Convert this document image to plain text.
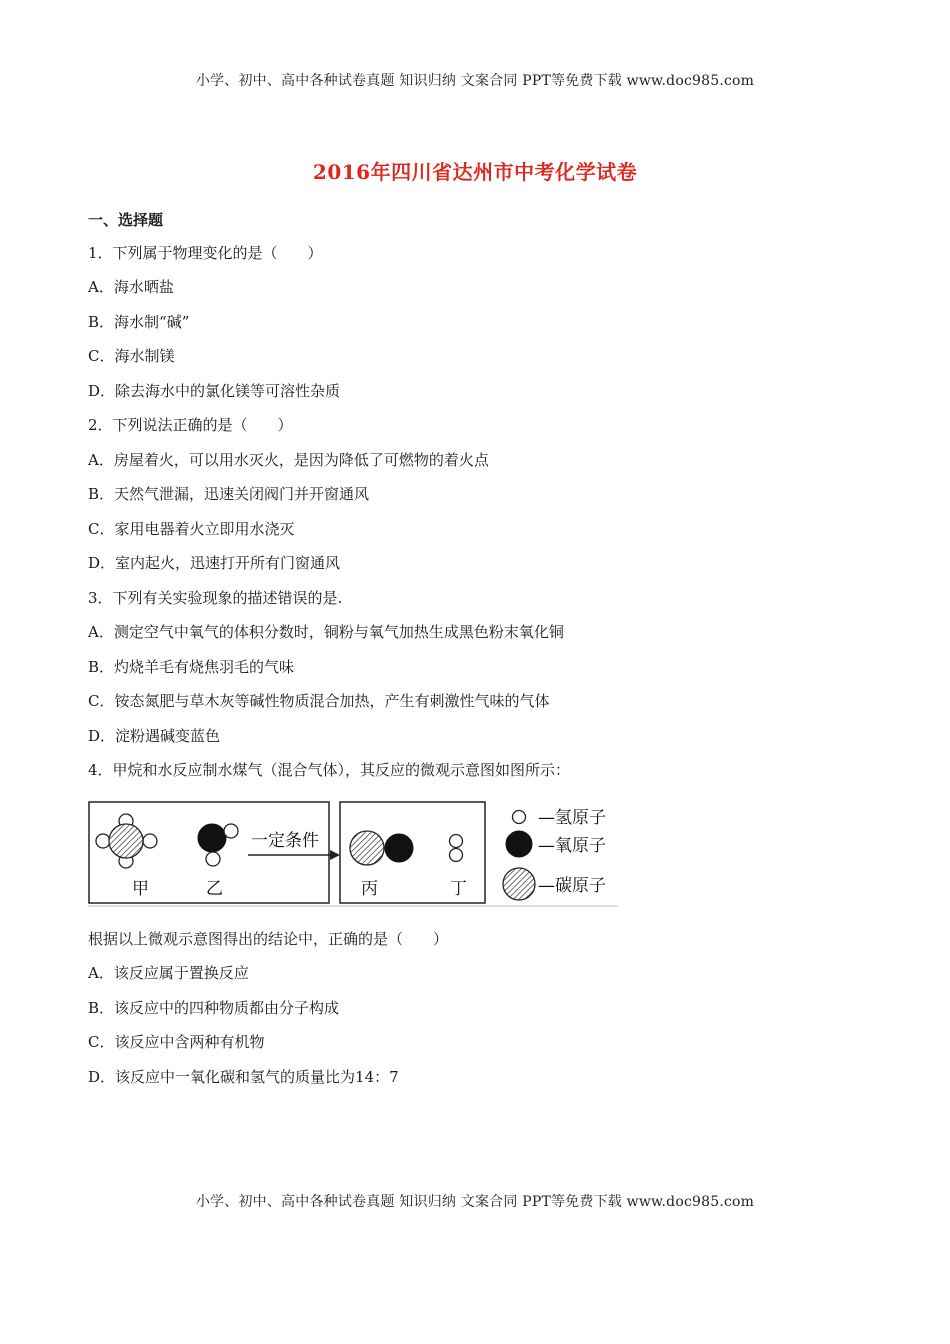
小学、初中、高中各种试卷真题 知识归纳 文案合同 PPT等免费下载 www.doc985.com
2016年四川省达州市中考化学试卷
一、选择题
1．下列属于物理变化的是（　　）
A．海水晒盐
B．海水制“碱”
C．海水制镁
D．除去海水中的氯化镁等可溶性杂质
2．下列说法正确的是（　　）
A．房屋着火，可以用水灭火，是因为降低了可燃物的着火点
B．天然气泄漏，迅速关闭阀门并开窗通风
C．家用电器着火立即用水浇灭
D．室内起火，迅速打开所有门窗通风
3．下列有关实验现象的描述错误的是.
A．测定空气中氧气的体积分数时，铜粉与氧气加热生成黑色粉末氧化铜
B．灼烧羊毛有烧焦羽毛的气味
C．铵态氮肥与草木灰等碱性物质混合加热，产生有刺激性气味的气体
D．淀粉遇碱变蓝色
4．甲烷和水反应制水煤气（混合气体），其反应的微观示意图如图所示：
甲	乙
一定条件
丙	丁
—氢原子
—氧原子
—碳原子
根据以上微观示意图得出的结论中，正确的是（　　）
A．该反应属于置换反应
B．该反应中的四种物质都由分子构成
C．该反应中含两种有机物
D．该反应中一氧化碳和氢气的质量比为14：7
小学、初中、高中各种试卷真题 知识归纳 文案合同 PPT等免费下载 www.doc985.com
